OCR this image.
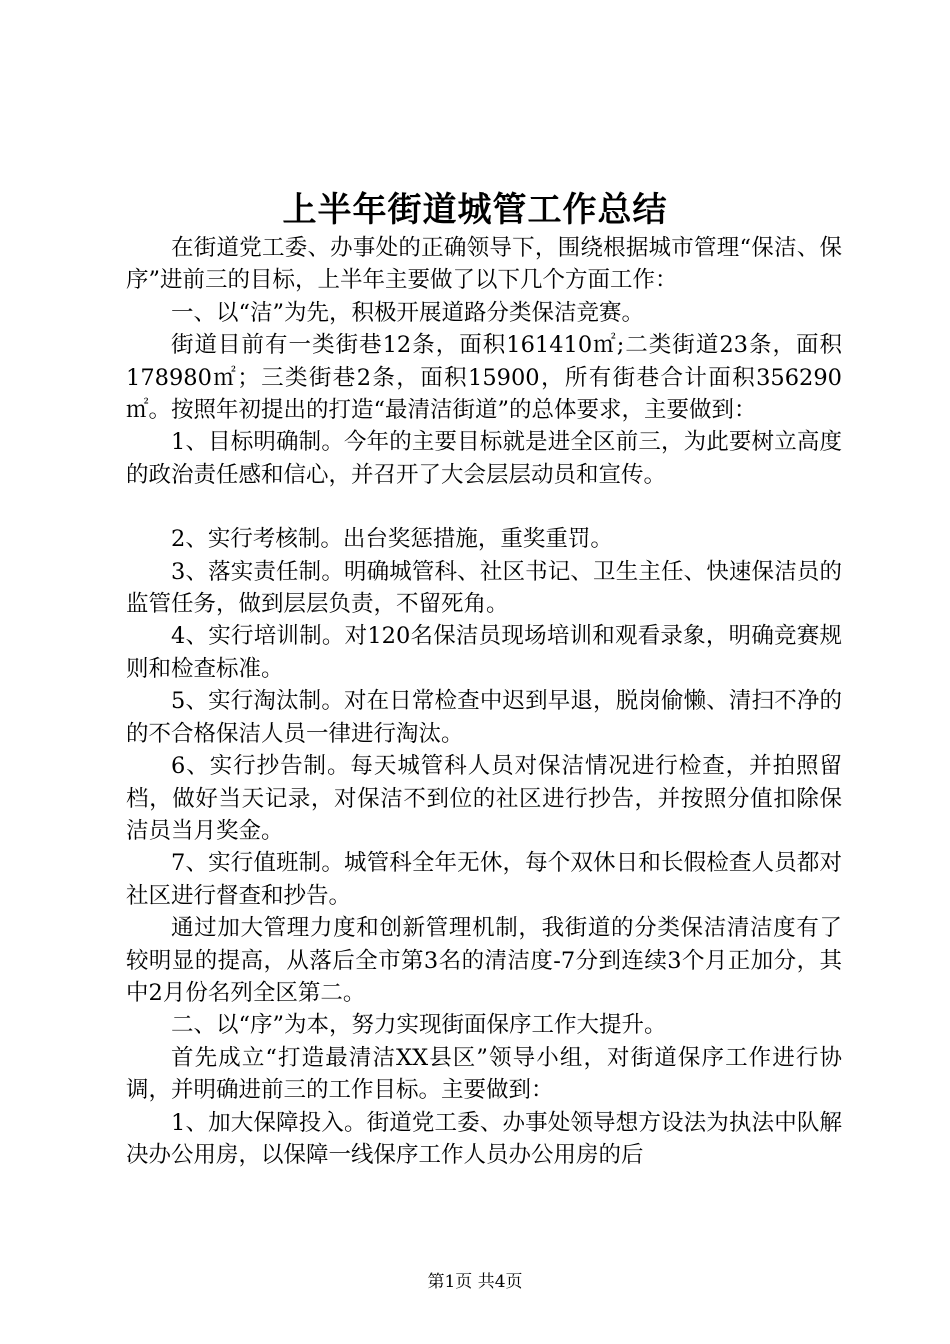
上半年街道城管工作总结

在街道党工委、办事处的正确领导下，围绕根据城市管理“保洁、保序”进前三的目标，上半年主要做了以下几个方面工作：

一、以“洁”为先，积极开展道路分类保洁竞赛。

街道目前有一类街巷12条，面积161410㎡;二类街道23条，面积178980㎡；三类街巷2条，面积15900，所有街巷合计面积356290㎡。按照年初提出的打造“最清洁街道”的总体要求，主要做到：

1、目标明确制。今年的主要目标就是进全区前三，为此要树立高度的政治责任感和信心，并召开了大会层层动员和宣传。

2、实行考核制。出台奖惩措施，重奖重罚。

3、落实责任制。明确城管科、社区书记、卫生主任、快速保洁员的监管任务，做到层层负责，不留死角。

4、实行培训制。对120名保洁员现场培训和观看录象，明确竞赛规则和检查标准。

5、实行淘汰制。对在日常检查中迟到早退，脱岗偷懒、清扫不净的的不合格保洁人员一律进行淘汰。

6、实行抄告制。每天城管科人员对保洁情况进行检查，并拍照留档，做好当天记录，对保洁不到位的社区进行抄告，并按照分值扣除保洁员当月奖金。

7、实行值班制。城管科全年无休，每个双休日和长假检查人员都对社区进行督查和抄告。

通过加大管理力度和创新管理机制，我街道的分类保洁清洁度有了较明显的提高，从落后全市第3名的清洁度-7分到连续3个月正加分，其中2月份名列全区第二。

二、以“序”为本，努力实现街面保序工作大提升。

首先成立“打造最清洁XX县区”领导小组，对街道保序工作进行协调，并明确进前三的工作目标。主要做到：

1、加大保障投入。街道党工委、办事处领导想方设法为执法中队解决办公用房，以保障一线保序工作人员办公用房的后

第1页 共4页
